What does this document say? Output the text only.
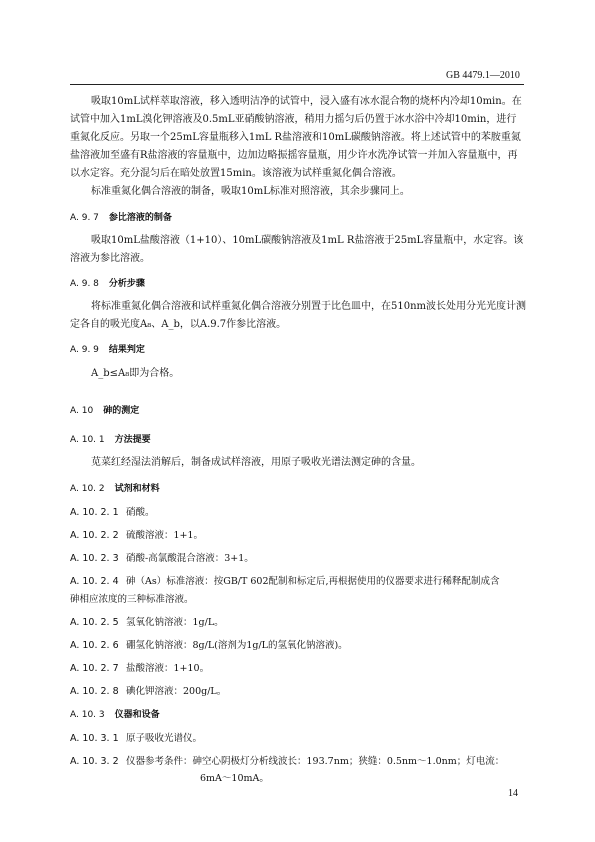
GB 4479.1—2010
吸取10mL试样萃取溶液，移入透明洁净的试管中，浸入盛有冰水混合物的烧杯内冷却10min。在试管中加入1mL溴化钾溶液及0.5mL亚硝酸钠溶液，稍用力摇匀后仍置于冰水浴中冷却10min，进行重氮化反应。另取一个25mL容量瓶移入1mL R盐溶液和10mL碳酸钠溶液。将上述试管中的苯胺重氮盐溶液加至盛有R盐溶液的容量瓶中，边加边略振摇容量瓶，用少许水洗净试管一并加入容量瓶中，再以水定容。充分混匀后在暗处放置15min。该溶液为试样重氮化偶合溶液。
标准重氮化偶合溶液的制备，吸取10mL标准对照溶液，其余步骤同上。
A. 9. 7 参比溶液的制备
吸取10mL盐酸溶液（1+10）、10mL碳酸钠溶液及1mL R盐溶液于25mL容量瓶中，水定容。该溶液为参比溶液。
A. 9. 8 分析步骤
将标准重氮化偶合溶液和试样重氮化偶合溶液分别置于比色皿中，在510nm波长处用分光光度计测定各自的吸光度A₈、A_b，以A.9.7作参比溶液。
A. 9. 9 结果判定
A_b≤A₈即为合格。
A. 10 砷的测定
A. 10. 1 方法提要
苋菜红经湿法消解后，制备成试样溶液，用原子吸收光谱法测定砷的含量。
A. 10. 2 试剂和材料
A. 10. 2. 1 硝酸。
A. 10. 2. 2 硫酸溶液：1+1。
A. 10. 2. 3 硝酸-高氯酸混合溶液：3+1。
A. 10. 2. 4 砷（As）标准溶液：按GB/T 602配制和标定后,再根据使用的仪器要求进行稀释配制成含
砷相应浓度的三种标准溶液。
A. 10. 2. 5 氢氧化钠溶液：1g/L。
A. 10. 2. 6 硼氢化钠溶液：8g/L(溶剂为1g/L的氢氧化钠溶液)。
A. 10. 2. 7 盐酸溶液：1+10。
A. 10. 2. 8 碘化钾溶液：200g/L。
A. 10. 3 仪器和设备
A. 10. 3. 1 原子吸收光谱仪。
A. 10. 3. 2 仪器参考条件：砷空心阴极灯分析线波长：193.7nm；狭缝：0.5nm～1.0nm；灯电流：
6mA～10mA。
14
